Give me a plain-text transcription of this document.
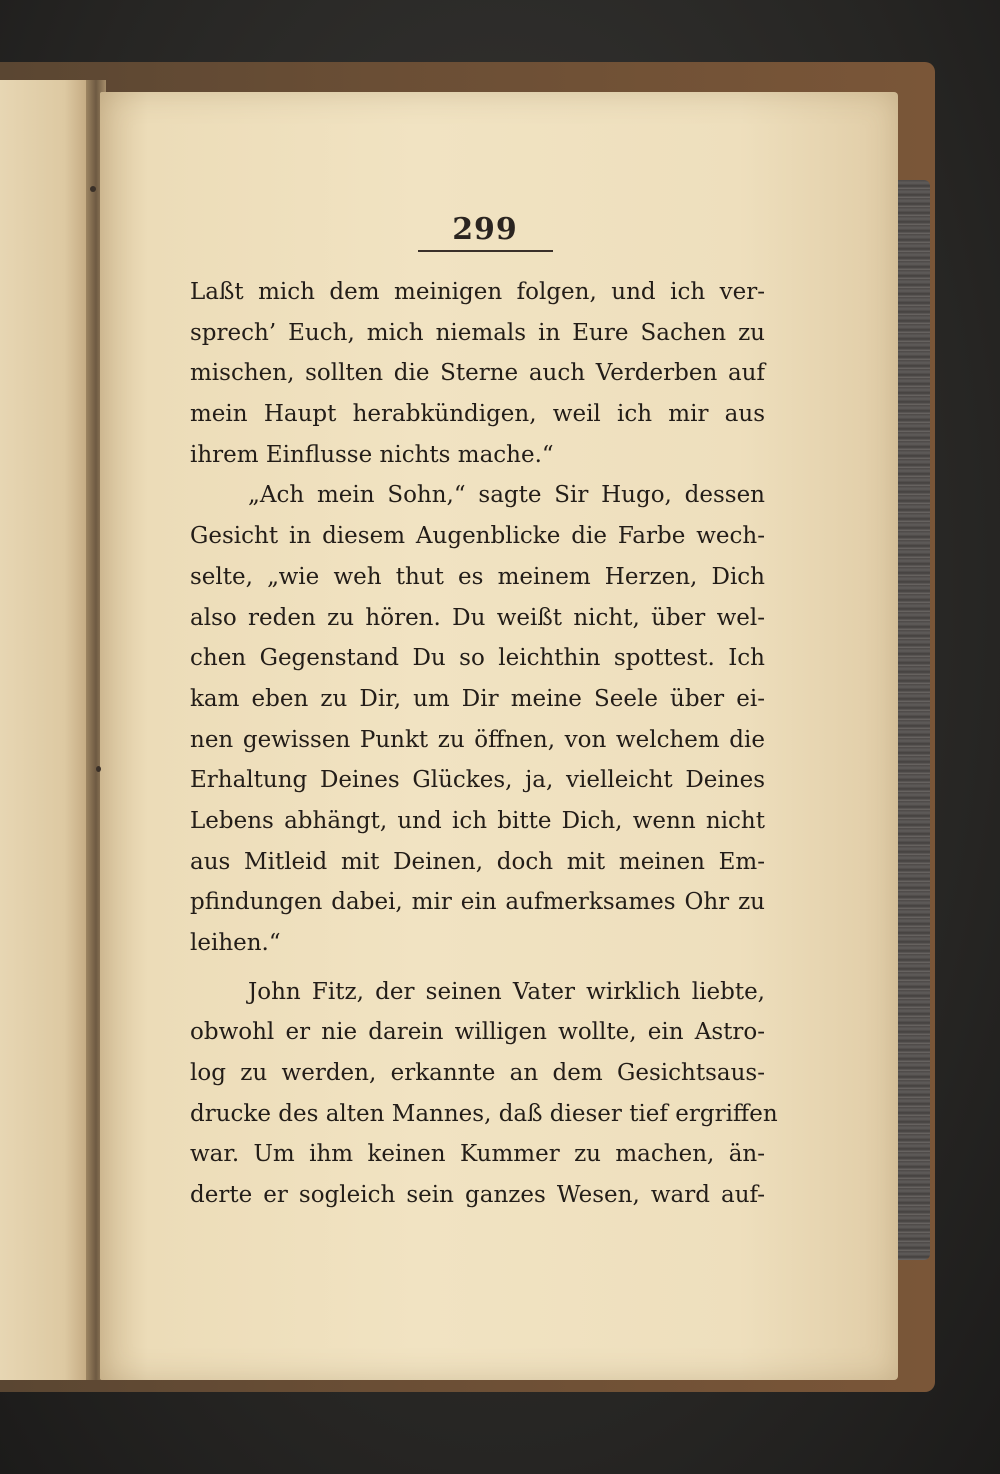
299
Laßt mich dem meinigen folgen, und ich ver-
sprech’ Euch, mich niemals in Eure Sachen zu
mischen, sollten die Sterne auch Verderben auf
mein Haupt herabkündigen, weil ich mir aus
ihrem Einflusse nichts mache.“
„Ach mein Sohn,“ sagte Sir Hugo, dessen
Gesicht in diesem Augenblicke die Farbe wech-
selte, „wie weh thut es meinem Herzen, Dich
also reden zu hören. Du weißt nicht, über wel-
chen Gegenstand Du so leichthin spottest. Ich
kam eben zu Dir, um Dir meine Seele über ei-
nen gewissen Punkt zu öffnen, von welchem die
Erhaltung Deines Glückes, ja, vielleicht Deines
Lebens abhängt, und ich bitte Dich, wenn nicht
aus Mitleid mit Deinen, doch mit meinen Em-
pfindungen dabei, mir ein aufmerksames Ohr zu
leihen.“
John Fitz, der seinen Vater wirklich liebte,
obwohl er nie darein willigen wollte, ein Astro-
log zu werden, erkannte an dem Gesichtsaus-
drucke des alten Mannes, daß dieser tief ergriffen
war. Um ihm keinen Kummer zu machen, än-
derte er sogleich sein ganzes Wesen, ward auf-
